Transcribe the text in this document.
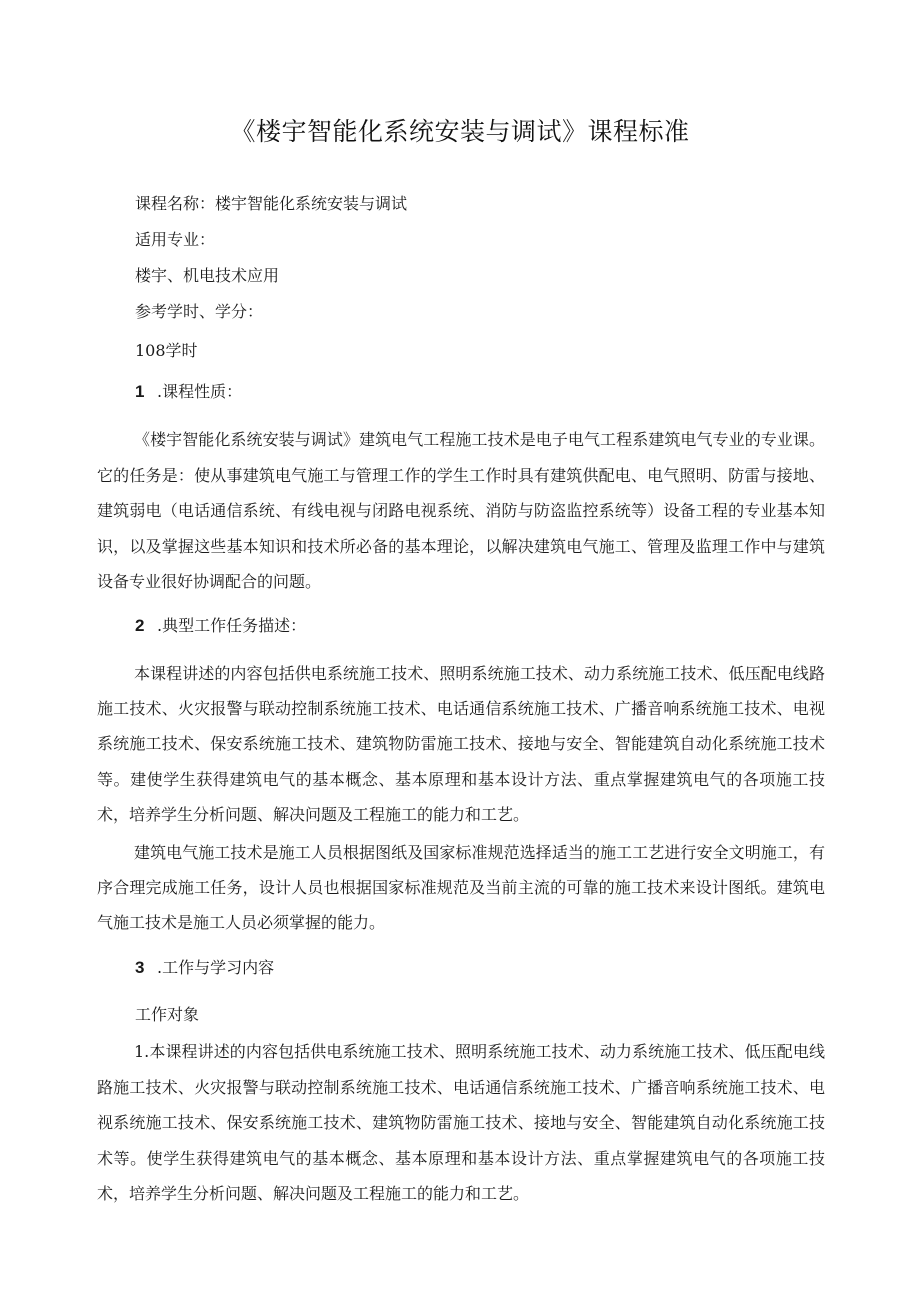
《楼宇智能化系统安装与调试》课程标准
课程名称：楼宇智能化系统安装与调试
适用专业：
楼宇、机电技术应用
参考学时、学分：
108学时
1 .课程性质：
《楼宇智能化系统安装与调试》建筑电气工程施工技术是电子电气工程系建筑电气专业的专业课。它的任务是：使从事建筑电气施工与管理工作的学生工作时具有建筑供配电、电气照明、防雷与接地、建筑弱电（电话通信系统、有线电视与闭路电视系统、消防与防盗监控系统等）设备工程的专业基本知识，以及掌握这些基本知识和技术所必备的基本理论，以解决建筑电气施工、管理及监理工作中与建筑设备专业很好协调配合的问题。
2 .典型工作任务描述：
本课程讲述的内容包括供电系统施工技术、照明系统施工技术、动力系统施工技术、低压配电线路施工技术、火灾报警与联动控制系统施工技术、电话通信系统施工技术、广播音响系统施工技术、电视系统施工技术、保安系统施工技术、建筑物防雷施工技术、接地与安全、智能建筑自动化系统施工技术等。建使学生获得建筑电气的基本概念、基本原理和基本设计方法、重点掌握建筑电气的各项施工技术，培养学生分析问题、解决问题及工程施工的能力和工艺。
建筑电气施工技术是施工人员根据图纸及国家标准规范选择适当的施工工艺进行安全文明施工，有序合理完成施工任务，设计人员也根据国家标准规范及当前主流的可靠的施工技术来设计图纸。建筑电气施工技术是施工人员必须掌握的能力。
3 .工作与学习内容
工作对象
1.本课程讲述的内容包括供电系统施工技术、照明系统施工技术、动力系统施工技术、低压配电线路施工技术、火灾报警与联动控制系统施工技术、电话通信系统施工技术、广播音响系统施工技术、电视系统施工技术、保安系统施工技术、建筑物防雷施工技术、接地与安全、智能建筑自动化系统施工技术等。使学生获得建筑电气的基本概念、基本原理和基本设计方法、重点掌握建筑电气的各项施工技术，培养学生分析问题、解决问题及工程施工的能力和工艺。
